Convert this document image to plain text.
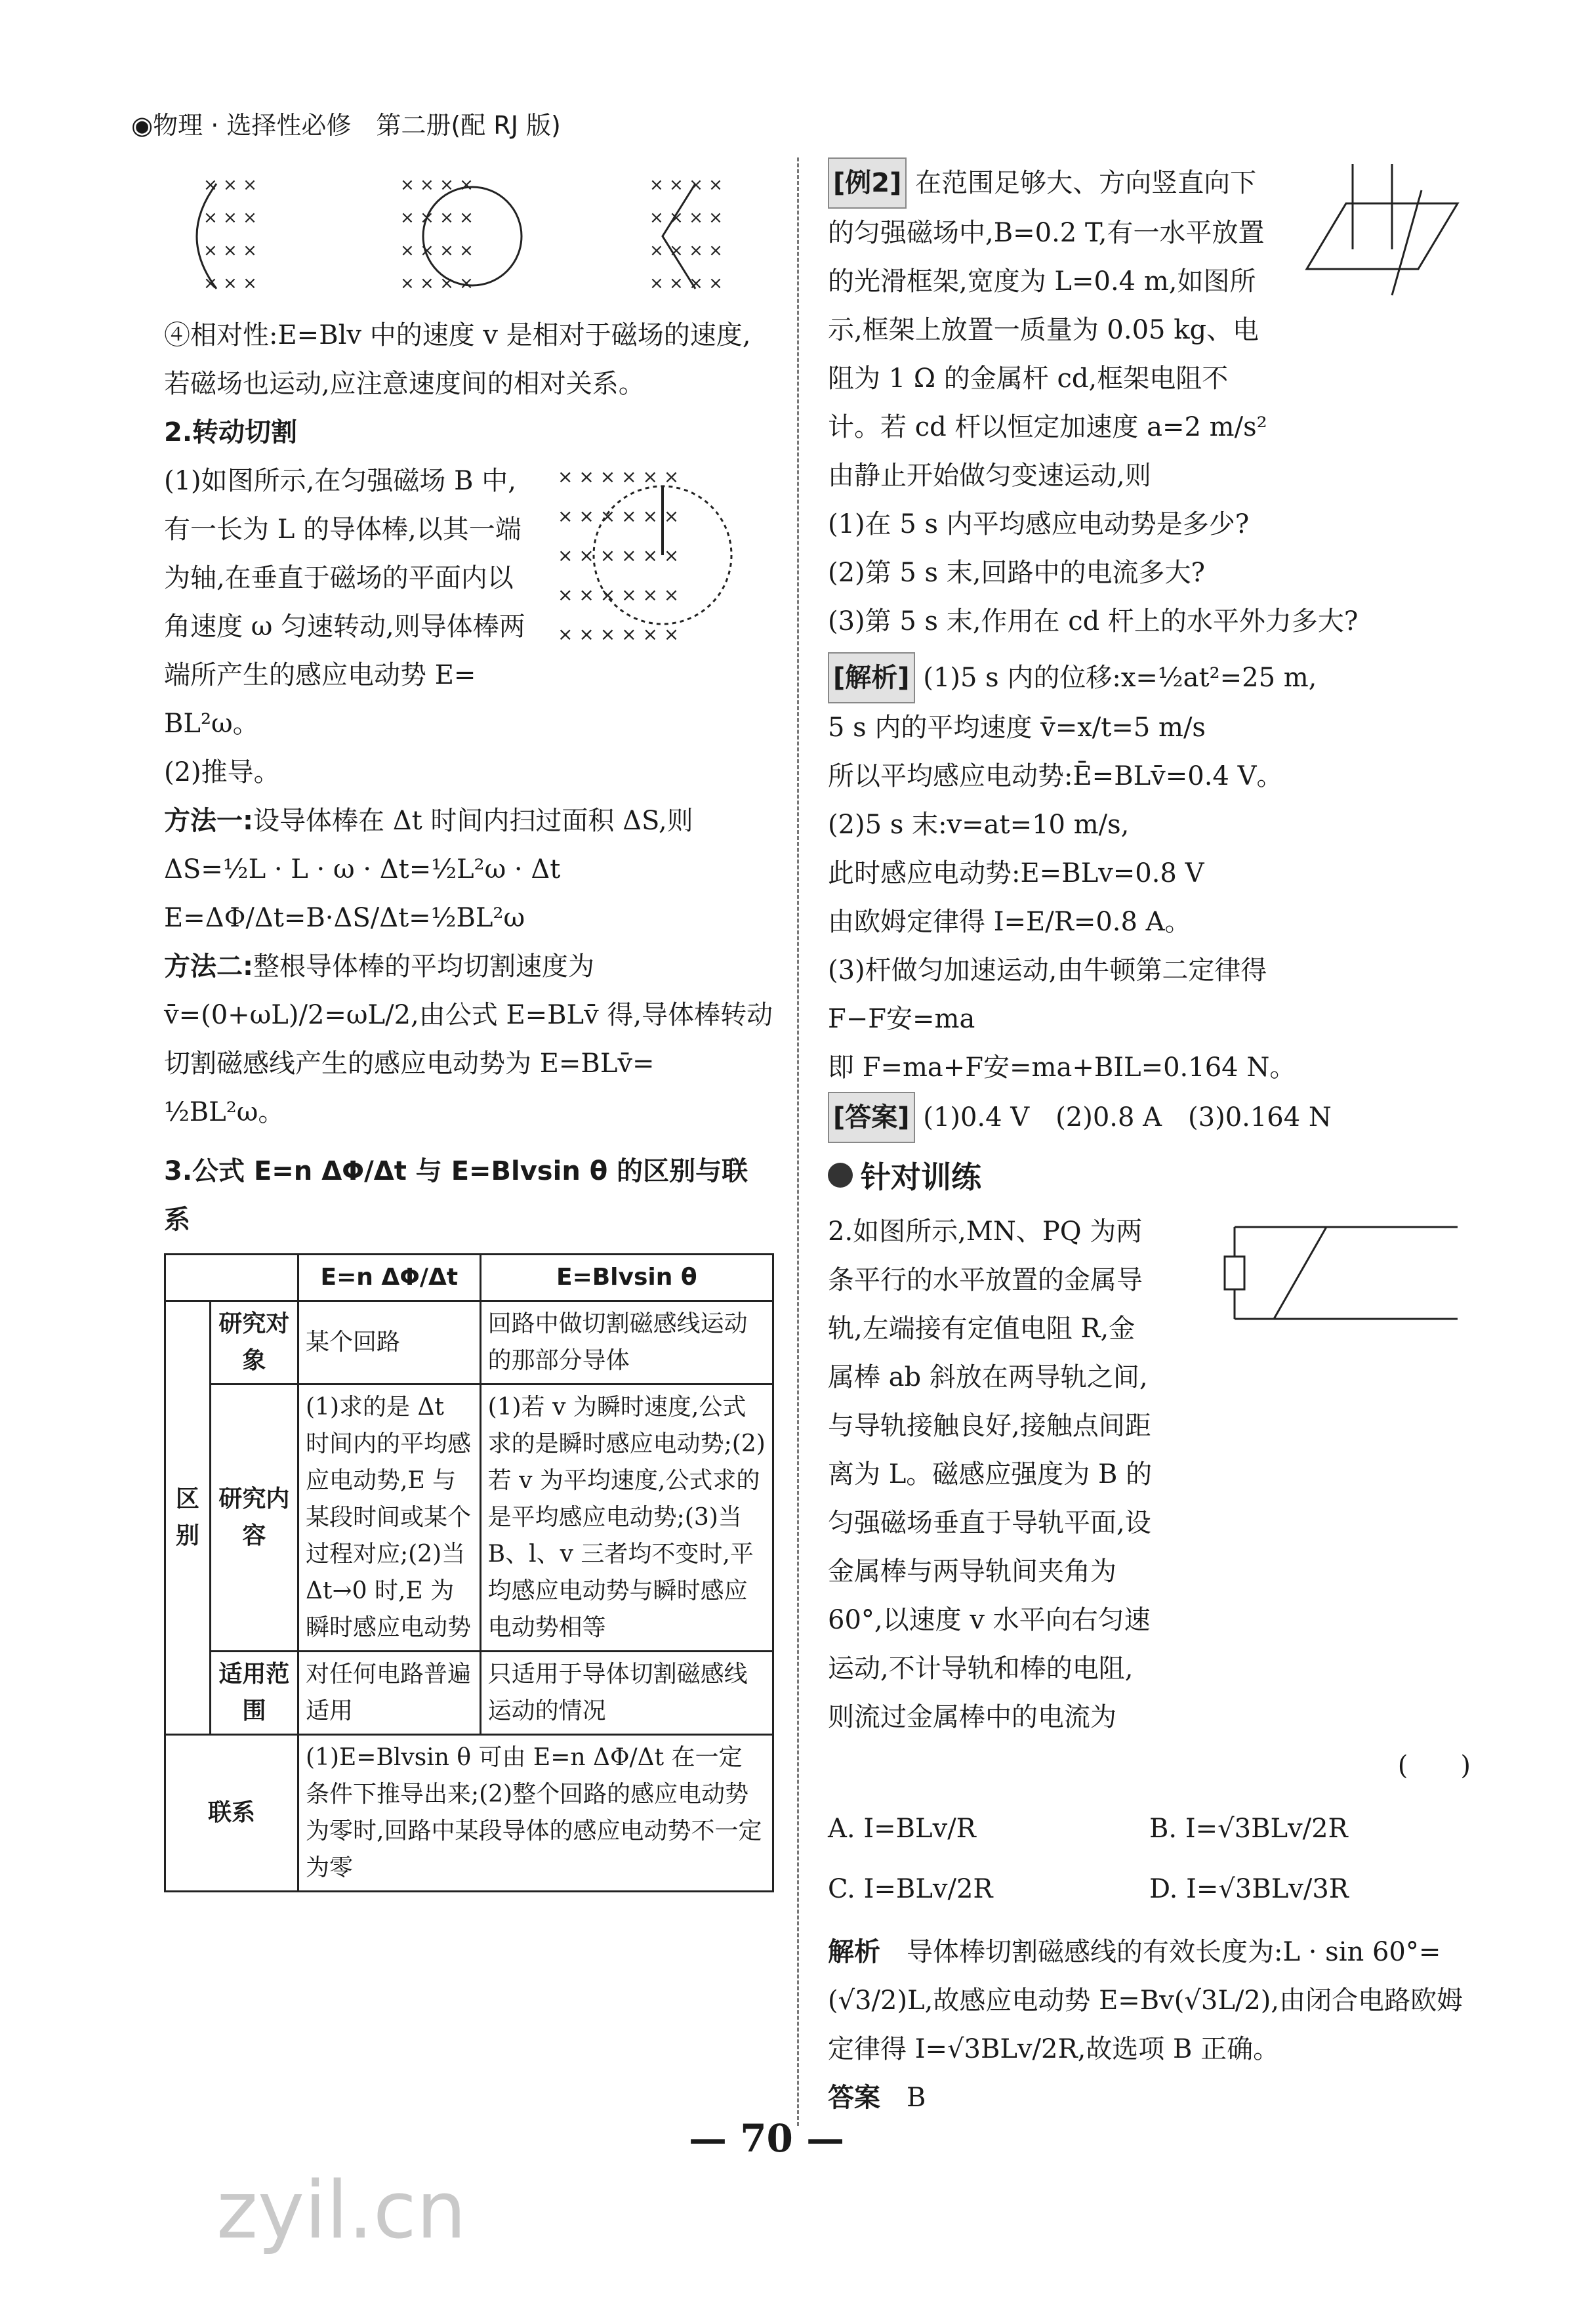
◉物理 · 选择性必修　第二册(配 RJ 版)
× × ×
× × ×
× × ×
× × ×
× × × ×
× × × ×
× × × ×
× × × ×
× × × ×
× × × ×
× × × ×
× × × ×

④相对性:E=Blv 中的速度 v 是相对于磁场的速度,若磁场也运动,应注意速度间的相对关系。

2.转动切割

(1)如图所示,在匀强磁场 B 中,有一长为 L 的导体棒,以其一端为轴,在垂直于磁场的平面内以角速度 ω 匀速转动,则导体棒两端所产生的感应电动势 E=

× × × × × ×
× × × × × ×
× × × × × ×
× × × × × ×
× × × × × ×

BL²ω。

(2)推导。

方法一:设导体棒在 Δt 时间内扫过面积 ΔS,则

ΔS=½L · L · ω · Δt=½L²ω · Δt

E=ΔΦ/Δt=B·ΔS/Δt=½BL²ω

方法二:整根导体棒的平均切割速度为

v̄=(0+ωL)/2=ωL/2,由公式 E=BLv̄ 得,导体棒转动切割磁感线产生的感应电动势为 E=BLv̄=

½BL²ω。

3.公式 E=n ΔΦ/Δt 与 E=Blvsin θ 的区别与联系

		E=n ΔΦ/Δt	E=Blvsin θ
区别	研究对象	某个回路	回路中做切割磁感线运动的那部分导体
	研究内容	(1)求的是 Δt 时间内的平均感应电动势,E 与某段时间或某个过程对应;(2)当 Δt→0 时,E 为瞬时感应电动势	(1)若 v 为瞬时速度,公式求的是瞬时感应电动势;(2)若 v 为平均速度,公式求的是平均感应电动势;(3)当 B、l、v 三者均不变时,平均感应电动势与瞬时感应电动势相等
	适用范围	对任何电路普遍适用	只适用于导体切割磁感线运动的情况
联系		(1)E=Blvsin θ 可由 E=n ΔΦ/Δt 在一定条件下推导出来;(2)整个回路的感应电动势为零时,回路中某段导体的感应电动势不一定为零	

[例2] 在范围足够大、方向竖直向下的匀强磁场中,B=0.2 T,有一水平放置的光滑框架,宽度为 L=0.4 m,如图所示,框架上放置一质量为 0.05 kg、电阻为 1 Ω 的金属杆 cd,框架电阻不计。若 cd 杆以恒定加速度 a=2 m/s² 由静止开始做匀变速运动,则

(1)在 5 s 内平均感应电动势是多少?

(2)第 5 s 末,回路中的电流多大?

(3)第 5 s 末,作用在 cd 杆上的水平外力多大?

[解析] (1)5 s 内的位移:x=½at²=25 m,

5 s 内的平均速度 v̄=x/t=5 m/s

所以平均感应电动势:Ē=BLv̄=0.4 V。

(2)5 s 末:v=at=10 m/s,

此时感应电动势:E=BLv=0.8 V

由欧姆定律得 I=E/R=0.8 A。

(3)杆做匀加速运动,由牛顿第二定律得

F−F安=ma

即 F=ma+F安=ma+BIL=0.164 N。

[答案] (1)0.4 V　(2)0.8 A　(3)0.164 N

针对训练

2.如图所示,MN、PQ 为两条平行的水平放置的金属导轨,左端接有定值电阻 R,金属棒 ab 斜放在两导轨之间,与导轨接触良好,接触点间距离为 L。磁感应强度为 B 的匀强磁场垂直于导轨平面,设金属棒与两导轨间夹角为 60°,以速度 v 水平向右匀速运动,不计导轨和棒的电阻,则流过金属棒中的电流为

(　　)

A. I=BLv/R	B. I=√3BLv/2R
C. I=BLv/2R	D. I=√3BLv/3R

解析　 导体棒切割磁感线的有效长度为:L · sin 60°=(√3/2)L,故感应电动势 E=Bv(√3L/2),由闭合电路欧姆定律得 I=√3BLv/2R,故选项 B 正确。

答案　 B

— 70 —
zyil.cn
